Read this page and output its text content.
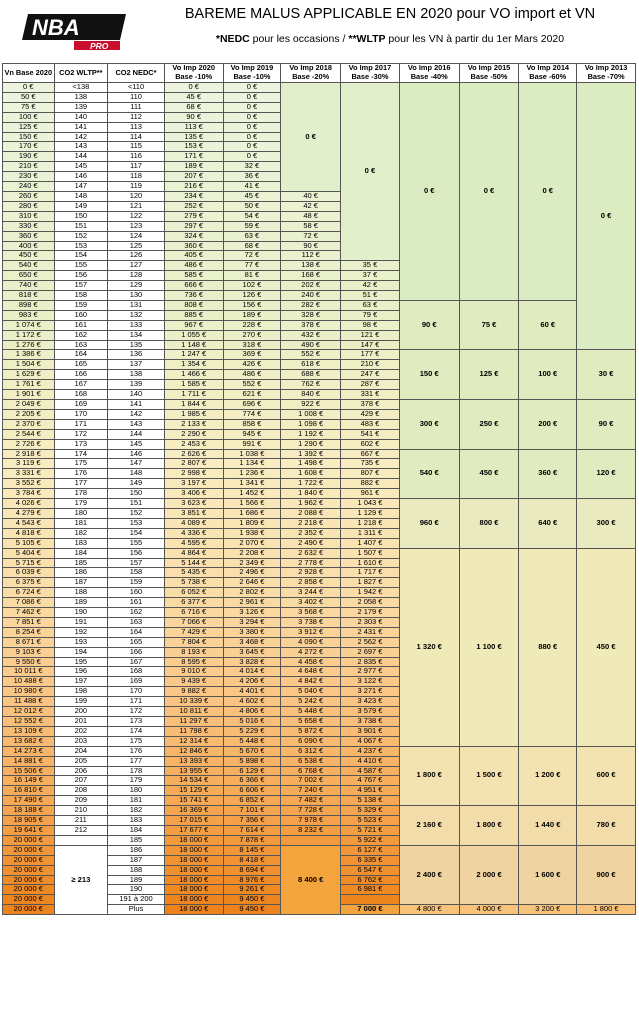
NBA
PRO
BAREME MALUS APPLICABLE EN 2020 pour VO import et VN
*NEDC pour les occasions / **WLTP pour les VN à partir du 1er Mars 2020
Vn Base 2020	CO2 WLTP**	CO2 NEDC*	Vo Imp 2020 Base -10%	Vo Imp 2019 Base -10%	Vo Imp 2018 Base -20%	Vo Imp 2017 Base -30%	Vo Imp 2016 Base -40%	Vo Imp 2015 Base -50%	Vo Imp 2014 Base -60%	Vo Imp 2013 Base -70%
0 €	<138	<110	0 €	0 €	0 €	0 €	0 €	0 €	0 €	0 €
50 €	138	110	45 €	0 €						
75 €	139	111	68 €	0 €						
100 €	140	112	90 €	0 €						
125 €	141	113	113 €	0 €						
150 €	142	114	135 €	0 €						
170 €	143	115	153 €	0 €						
190 €	144	116	171 €	0 €						
210 €	145	117	189 €	32 €						
230 €	146	118	207 €	36 €						
240 €	147	119	216 €	41 €						
260 €	148	120	234 €	45 €	40 €					
280 €	149	121	252 €	50 €	42 €					
310 €	150	122	279 €	54 €	48 €					
330 €	151	123	297 €	59 €	58 €					
360 €	152	124	324 €	63 €	72 €					
400 €	153	125	360 €	68 €	90 €					
450 €	154	126	405 €	72 €	112 €					
540 €	155	127	486 €	77 €	138 €	35 €				
650 €	156	128	585 €	81 €	168 €	37 €				
740 €	157	129	666 €	102 €	202 €	42 €				
818 €	158	130	736 €	126 €	240 €	51 €				
898 €	159	131	808 €	156 €	282 €	63 €	90 €	75 €	60 €	
983 €	160	132	885 €	189 €	328 €	79 €				
1 074 €	161	133	967 €	228 €	378 €	98 €				
1 172 €	162	134	1 055 €	270 €	432 €	121 €				
1 276 €	163	135	1 148 €	318 €	490 €	147 €				
1 386 €	164	136	1 247 €	369 €	552 €	177 €	150 €	125 €	100 €	30 €
1 504 €	165	137	1 354 €	426 €	618 €	210 €				
1 629 €	166	138	1 466 €	486 €	688 €	247 €				
1 761 €	167	139	1 585 €	552 €	762 €	287 €				
1 901 €	168	140	1 711 €	621 €	840 €	331 €				
2 049 €	169	141	1 844 €	696 €	922 €	378 €	300 €	250 €	200 €	90 €
2 205 €	170	142	1 985 €	774 €	1 008 €	429 €				
2 370 €	171	143	2 133 €	858 €	1 098 €	483 €				
2 544 €	172	144	2 290 €	945 €	1 192 €	541 €				
2 726 €	173	145	2 453 €	991 €	1 290 €	602 €				
2 918 €	174	146	2 626 €	1 038 €	1 392 €	667 €	540 €	450 €	360 €	120 €
3 119 €	175	147	2 807 €	1 134 €	1 498 €	735 €				
3 331 €	176	148	2 998 €	1 236 €	1 608 €	807 €				
3 552 €	177	149	3 197 €	1 341 €	1 722 €	882 €				
3 784 €	178	150	3 406 €	1 452 €	1 840 €	961 €				
4 026 €	179	151	3 623 €	1 566 €	1 962 €	1 043 €	960 €	800 €	640 €	300 €
4 279 €	180	152	3 851 €	1 686 €	2 088 €	1 129 €				
4 543 €	181	153	4 089 €	1 809 €	2 218 €	1 218 €				
4 818 €	182	154	4 336 €	1 938 €	2 352 €	1 311 €				
5 105 €	183	155	4 595 €	2 070 €	2 490 €	1 407 €				
5 404 €	184	156	4 864 €	2 208 €	2 632 €	1 507 €	1 320 €	1 100 €	880 €	450 €
5 715 €	185	157	5 144 €	2 349 €	2 778 €	1 610 €				
6 039 €	186	158	5 435 €	2 496 €	2 928 €	1 717 €				
6 375 €	187	159	5 738 €	2 646 €	2 858 €	1 827 €				
6 724 €	188	160	6 052 €	2 802 €	3 244 €	1 942 €				
7 086 €	189	161	6 377 €	2 961 €	3 402 €	2 058 €				
7 462 €	190	162	6 716 €	3 126 €	3 568 €	2 179 €				
7 851 €	191	163	7 066 €	3 294 €	3 738 €	2 303 €				
8 254 €	192	164	7 429 €	3 380 €	3 912 €	2 431 €				
8 671 €	193	165	7 804 €	3 468 €	4 090 €	2 562 €				
9 103 €	194	166	8 193 €	3 645 €	4 272 €	2 697 €				
9 550 €	195	167	8 595 €	3 828 €	4 458 €	2 835 €				
10 011 €	196	168	9 010 €	4 014 €	4 648 €	2 977 €				
10 488 €	197	169	9 439 €	4 206 €	4 842 €	3 122 €				
10 980 €	198	170	9 882 €	4 401 €	5 040 €	3 271 €				
11 488 €	199	171	10 339 €	4 602 €	5 242 €	3 423 €				
12 012 €	200	172	10 811 €	4 806 €	5 448 €	3 579 €				
12 552 €	201	173	11 297 €	5 016 €	5 658 €	3 738 €				
13 109 €	202	174	11 798 €	5 229 €	5 872 €	3 901 €				
13 682 €	203	175	12 314 €	5 448 €	6 090 €	4 067 €				
14 273 €	204	176	12 846 €	5 670 €	6 312 €	4 237 €	1 800 €	1 500 €	1 200 €	600 €
14 881 €	205	177	13 393 €	5 898 €	6 538 €	4 410 €				
15 506 €	206	178	13 955 €	6 129 €	6 768 €	4 587 €				
16 149 €	207	179	14 534 €	6 366 €	7 002 €	4 767 €				
16 810 €	208	180	15 129 €	6 606 €	7 240 €	4 951 €				
17 490 €	209	181	15 741 €	6 852 €	7 482 €	5 138 €				
18 188 €	210	182	16 369 €	7 101 €	7 728 €	5 329 €	2 160 €	1 800 €	1 440 €	780 €
18 905 €	211	183	17 015 €	7 356 €	7 978 €	5 523 €				
19 641 €	212	184	17 677 €	7 614 €	8 232 €	5 721 €				
20 000 €		185	18 000 €	7 878 €		5 922 €				
20 000 €	≥ 213	186	18 000 €	8 145 €	8 400 €	6 127 €	2 400 €	2 000 €	1 600 €	900 €
20 000 €		187	18 000 €	8 418 €		6 335 €				
20 000 €		188	18 000 €	8 694 €		6 547 €				
20 000 €		189	18 000 €	8 976 €		6 762 €				
20 000 €		190	18 000 €	9 261 €		6 981 €				
20 000 €		191 à 200	18 000 €	9 450 €						
20 000 €		Plus	18 000 €	9 450 €		7 000 €	4 800 €	4 000 €	3 200 €	1 800 €
